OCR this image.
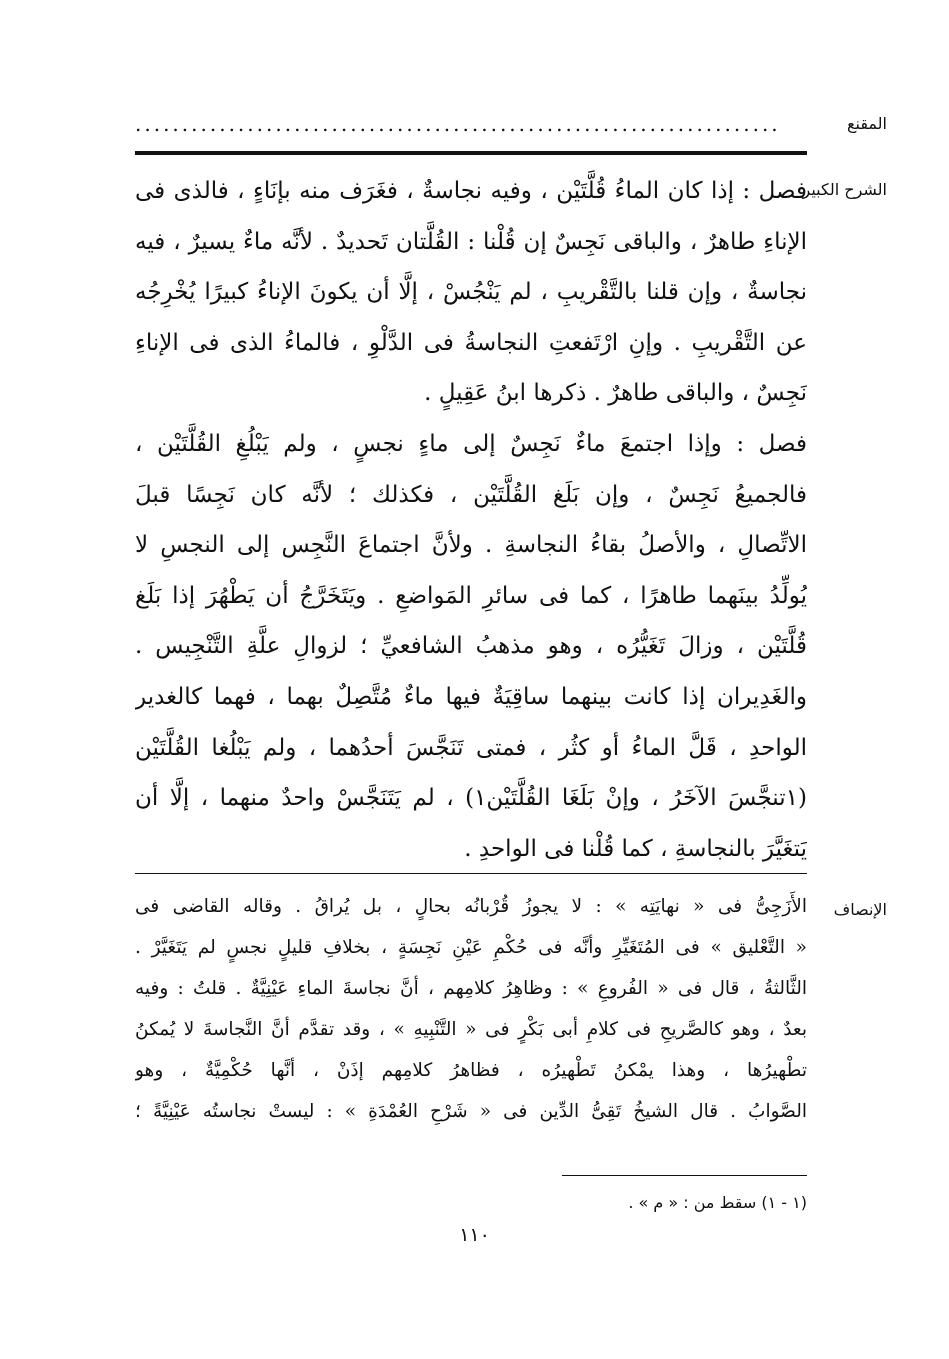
المقنع
.....................................................................
الشرح الكبير
فصل : إذا كان الماءُ قُلَّتَيْن ، وفيه نجاسةٌ ، فغَرَف منه بإنَاءٍ ، فالذى فى
الإناءِ طاهرٌ ، والباقى نَجِسٌ إن قُلْنا : القُلَّتان تَحديدٌ . لأنَّه ماءٌ يسيرٌ ، فيه
نجاسةٌ ، وإن قلنا بالتَّقْريبِ ، لم يَنْجُسْ ، إلَّا أن يكونَ الإناءُ كبيرًا يُخْرِجُه
عن التَّقْريبِ . وإنِ ارْتَفعتِ النجاسةُ فى الدَّلْوِ ، فالماءُ الذى فى الإناءِ
نَجِسٌ ، والباقى طاهرٌ . ذكرها ابنُ عَقِيلٍ .
فصل : وإذا اجتمعَ ماءٌ نَجِسٌ إلى ماءٍ نجسٍ ، ولم يَبْلُغِ القُلَّتَيْن ،
فالجميعُ نَجِسٌ ، وإن بَلَغ القُلَّتَيْن ، فكذلك ؛ لأنَّه كان نَجِسًا قبلَ
الاتِّصالِ ، والأصلُ بقاءُ النجاسةِ . ولأنَّ اجتماعَ النَّجِس إلى النجسِ لا
يُولِّدُ بينَهما طاهرًا ، كما فى سائرِ المَواضعِ . ويَتَخَرَّجُ أن يَطْهُرَ إذا بَلَغ
قُلَّتَيْن ، وزالَ تَغَيُّرُه ، وهو مذهبُ الشافعيِّ ؛ لزوالِ علَّةِ التَّنْجِيس .
والغَدِيران إذا كانت بينهما ساقِيَةٌ فيها ماءٌ مُتَّصِلٌ بهما ، فهما كالغدير
الواحدِ ، قَلَّ الماءُ أو كثُر ، فمتى تَنَجَّسَ أحدُهما ، ولم يَبْلُغا القُلَّتَيْن
(١تنجَّسَ الآخَرُ ، وإنْ بَلَغَا القُلَّتَيْن١) ، لم يَتَنَجَّسْ واحدٌ منهما ، إلَّا أن
يَتغَيَّرَ بالنجاسةِ ، كما قُلْنا فى الواحدِ .
الإنصاف
الأَزَجِىُّ فى « نهايَتِه » : لا يجوزُ قُرْبانُه بحالٍ ، بل يُراقُ . وقاله القاضى فى
« التَّعْليق » فى المُتَغَيِّرِ وأنَّه فى حُكْمِ عَيْنِ نَجِسَةٍ ، بخلافِ قليلٍ نجسٍ لم يَتَغَيَّرْ .
الثَّالثةُ ، قال فى « الفُروعِ » : وظاهِرُ كلامِهم ، أنَّ نجاسةَ الماءِ عَيْنِيَّةٌ . قلتُ : وفيه
بعدٌ ، وهو كالصَّريحِ فى كلامِ أبى بَكْرٍ فى « التَّنْبِيهِ » ، وقد تقدَّم أنَّ النَّجاسةَ لا يُمكنُ
تطْهيرُها ، وهذا يمْكنُ تَطْهيرُه ، فظاهرُ كلامِهم إذَنْ ، أنَّها حُكْمِيَّةٌ ، وهو
الصَّوابُ . قال الشيخُ تَقِىُّ الدِّين فى « شَرْحِ العُمْدَةِ » : ليستْ نجاستُه عَيْنِيَّةً ؛
(١ - ١) سقط من : « م » .
١١٠
